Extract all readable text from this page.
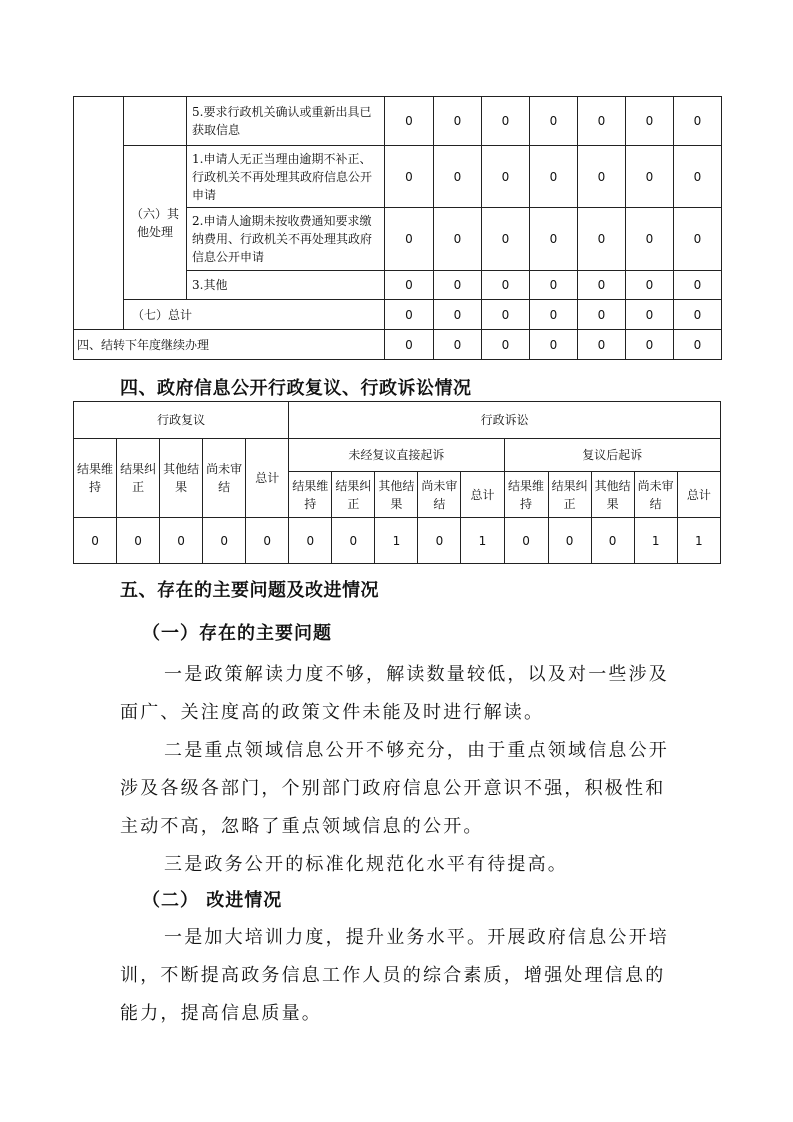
		5.要求行政机关确认或重新出具已获取信息	0	0	0	0	0	0	0
	（六）其他处理	1.申请人无正当理由逾期不补正、行政机关不再处理其政府信息公开申请	0	0	0	0	0	0	0
		2.申请人逾期未按收费通知要求缴纳费用、行政机关不再处理其政府信息公开申请	0	0	0	0	0	0	0
		3.其他	0	0	0	0	0	0	0
	（七）总计		0	0	0	0	0	0	0
四、结转下年度继续办理			0	0	0	0	0	0	0
四、政府信息公开行政复议、行政诉讼情况
行政复议					行政诉讼									
结果维持	结果纠正	其他结果	尚未审结	总计	未经复议直接起诉					复议后起诉				
					结果维持	结果纠正	其他结果	尚未审结	总计	结果维持	结果纠正	其他结果	尚未审结	总计
0	0	0	0	0	0	0	1	0	1	0	0	0	1	1
五、存在的主要问题及改进情况
（一）存在的主要问题

一是政策解读力度不够，解读数量较低，以及对一些涉及面广、关注度高的政策文件未能及时进行解读。

二是重点领域信息公开不够充分，由于重点领域信息公开涉及各级各部门，个别部门政府信息公开意识不强，积极性和主动不高，忽略了重点领域信息的公开。

三是政务公开的标准化规范化水平有待提高。

（二） 改进情况

一是加大培训力度，提升业务水平。开展政府信息公开培训，不断提高政务信息工作人员的综合素质，增强处理信息的能力，提高信息质量。
